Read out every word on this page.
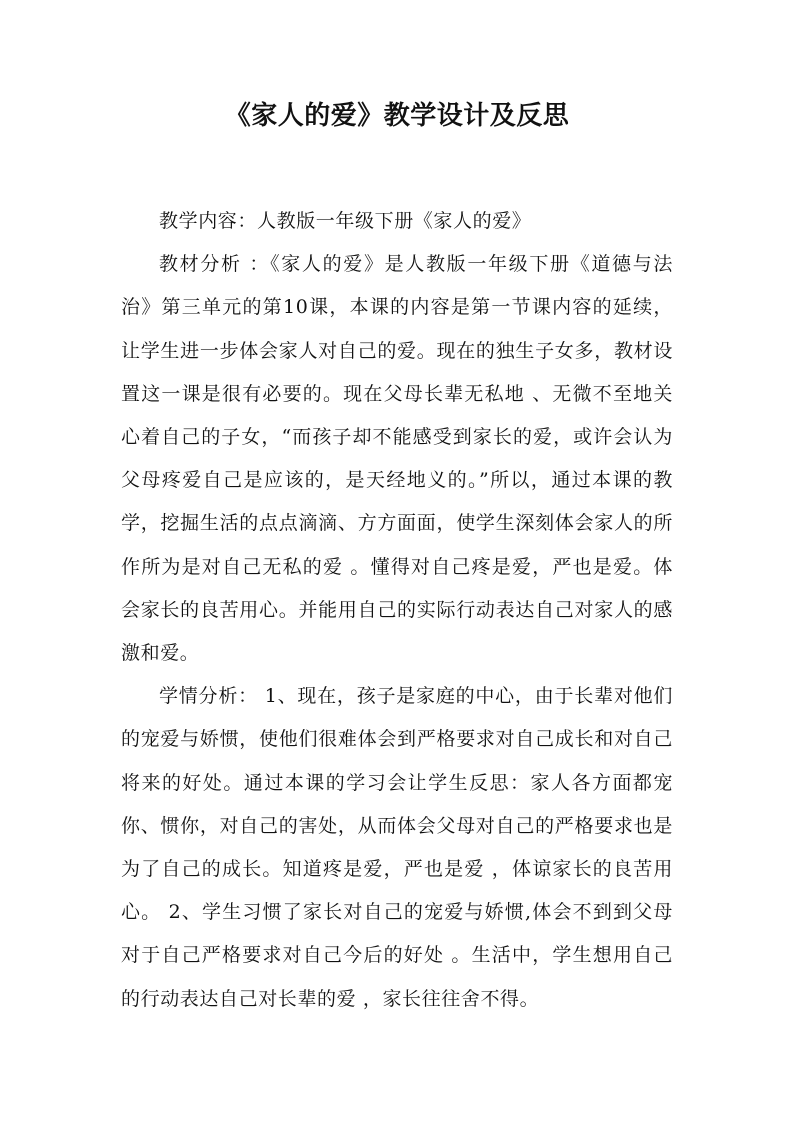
《家人的爱》教学设计及反思

教学内容：人教版一年级下册《家人的爱》

教材分析 ：《家人的爱》是人教版一年级下册《道德与法治》第三单元的第10课，本课的内容是第一节课内容的延续，让学生进一步体会家人对自己的爱。现在的独生子女多，教材设置这一课是很有必要的。现在父母长辈无私地 、无微不至地关心着自己的子女，“而孩子却不能感受到家长的爱，或许会认为父母疼爱自己是应该的，是天经地义的。”所以，通过本课的教学，挖掘生活的点点滴滴、方方面面，使学生深刻体会家人的所作所为是对自己无私的爱 。懂得对自己疼是爱，严也是爱。体会家长的良苦用心。并能用自己的实际行动表达自己对家人的感激和爱。

学情分析： 1、现在，孩子是家庭的中心，由于长辈对他们的宠爱与娇惯，使他们很难体会到严格要求对自己成长和对自己将来的好处。通过本课的学习会让学生反思：家人各方面都宠你、惯你，对自己的害处，从而体会父母对自己的严格要求也是为了自己的成长。知道疼是爱，严也是爱 ，体谅家长的良苦用心。 2、学生习惯了家长对自己的宠爱与娇惯,体会不到到父母对于自己严格要求对自己今后的好处 。生活中，学生想用自己的行动表达自己对长辈的爱 ，家长往往舍不得。
